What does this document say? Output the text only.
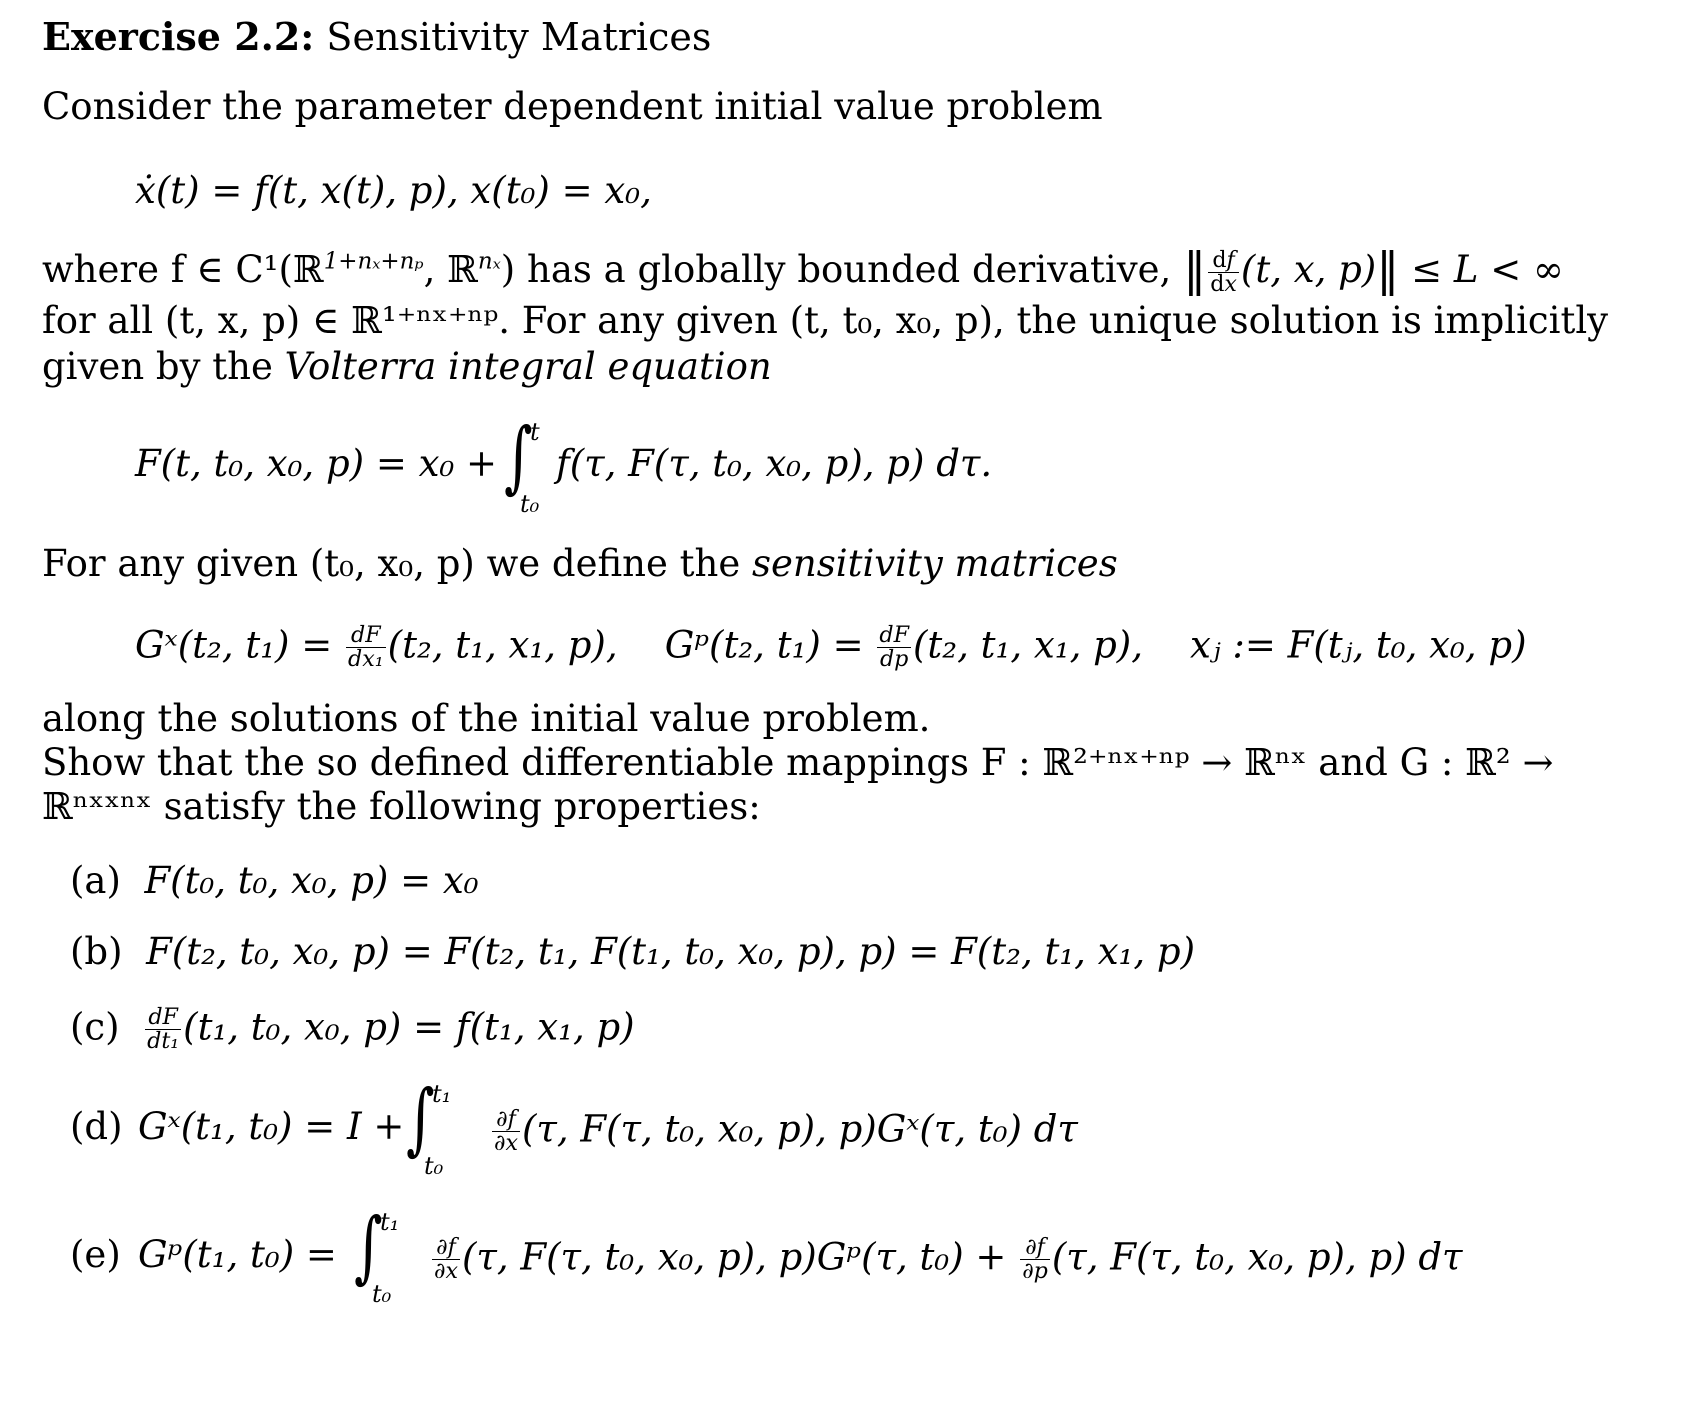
Exercise 2.2: Sensitivity Matrices
Consider the parameter dependent initial value problem
ẋ(t) = f(t, x(t), p), x(t₀) = x₀,
where f ∈ C¹(ℝ$^{1+n_x+n_p}$, ℝ$^{n_x}$) has a globally bounded derivative, ‖ $\frac{df}{dx} (t$, x, p)‖ ≤ L < ∞
for all (t, x, p) ∈ ℝ¹⁺ⁿˣ⁺ⁿᵖ. For any given (t, t₀, x₀, p), the unique solution is implicitly
given by the Volterra integral equation
F(t, t₀, x₀, p) = x₀ + ∫
t
t₀
f(τ, F(τ, t₀, x₀, p), p) dτ.
For any given (t₀, x₀, p) we define the sensitivity matrices
Gˣ(t₂, $t_1) = \frac{dF}{\text{dx₁}} (t_2$, t₁, x₁, p), Gᵖ(t₂, $t_1) = \frac{dF}{dp} (t_2$, t₁, x₁, p), xⱼ := F(tⱼ, t₀, x₀, p)
along the solutions of the initial value problem.
Show that the so defined differentiable mappings F : ℝ²⁺ⁿˣ⁺ⁿᵖ → ℝⁿˣ and G : ℝ² →
ℝⁿˣˣⁿˣ satisfy the following properties:
(a) F(t₀, t₀, x₀, p) = x₀
(b) F(t₂, t₀, x₀, p) = F(t₂, t₁, F(t₁, t₀, x₀, p), p) = F(t₂, t₁, x₁, p)
$(c) \frac{dF}{\text{dt₁}} (t_1$, t₀, x₀, p) = f(t₁, x₁, p)
(d) Gˣ(t₁, t₀) = I + ∫
t₁
t₀
$\frac{\partial f}{\partial x} (\tau$, F(τ, t₀, x₀, p), p)Gˣ(τ, t₀) dτ
(e) Gᵖ(t₁, t₀) = ∫
t₁
t₀
$\frac{\partial f}{\partial x} (\tau$, F(τ, t₀, x₀, p), p)Gᵖ(τ, $t_0) + \frac{\partial f}{\partial p} (\tau$, F(τ, t₀, x₀, p), p) dτ
